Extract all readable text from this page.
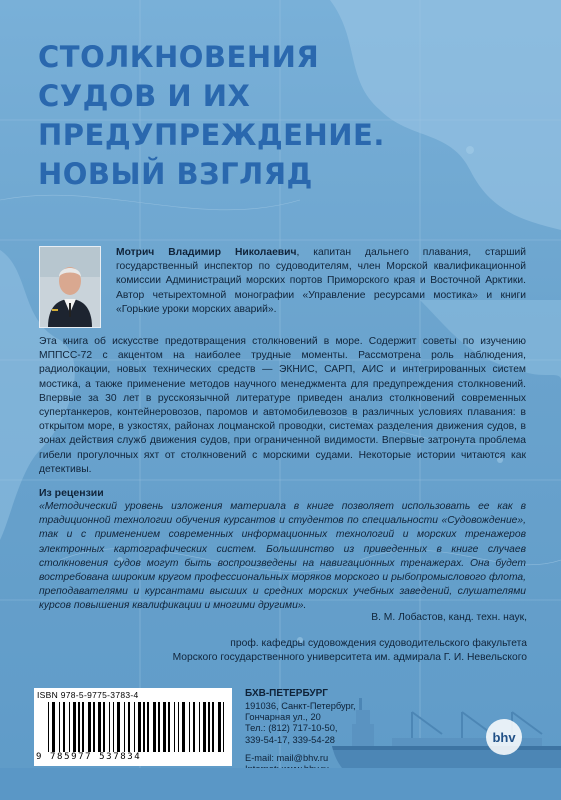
СТОЛКНОВЕНИЯ
СУДОВ И ИХ
ПРЕДУПРЕЖДЕНИЕ.
НОВЫЙ ВЗГЛЯД
Мотрич Владимир Николаевич, капитан дальнего плавания, старший государственный инспектор по судоводителям, член Морской квалификационной комиссии Администраций морских портов Приморского края и Восточной Арктики. Автор четырехтомной монографии «Управление ресурсами мостика» и книги «Горькие уроки морских аварий».
Эта книга об искусстве предотвращения столкновений в море. Содержит советы по изучению МППСС-72 с акцентом на наиболее трудные моменты. Рассмотрена роль наблюдения, радиолокации, новых технических средств — ЭКНИС, САРП, АИС и интегрированных систем мостика, а также применение методов научного менеджмента для предупреждения столкновений. Впервые за 30 лет в русскоязычной литературе приведен анализ столкновений современных супертанкеров, контейнеровозов, паромов и автомобилевозов в различных условиях плавания: в открытом море, в узкостях, районах лоцманской проводки, системах разделения движения судов, в зонах действия служб движения судов, при ограниченной видимости. Впервые затронута проблема гибели прогулочных яхт от столкновений с морскими судами. Некоторые истории читаются как детективы.
Из рецензии
«Методический уровень изложения материала в книге позволяет использовать ее как в традиционной технологии обучения курсантов и студентов по специальности «Судовождение», так и с применением современных информационных технологий и морских тренажеров электронных картографических систем. Большинство из приведенных в книге случаев столкновения судов могут быть воспроизведены на навигационных тренажерах. Она будет востребована широким кругом профессиональных моряков морского и рыбопромыслового флота, преподавателями и курсантами высших и средних морских учебных заведений, слушателями курсов повышения квалификации и многими другими».
В. М. Лобастов, канд. техн. наук,
проф. кафедры судовождения судоводительского факультета
Морского государственного университета им. адмирала Г. И. Невельского
ISBN 978-5-9775-3783-4
9 785977 537834
БХВ-ПЕТЕРБУРГ
191036, Санкт-Петербург,
Гончарная ул., 20
Тел.: (812) 717-10-50,
339-54-17, 339-54-28
E-mail: mail@bhv.ru
bhv
